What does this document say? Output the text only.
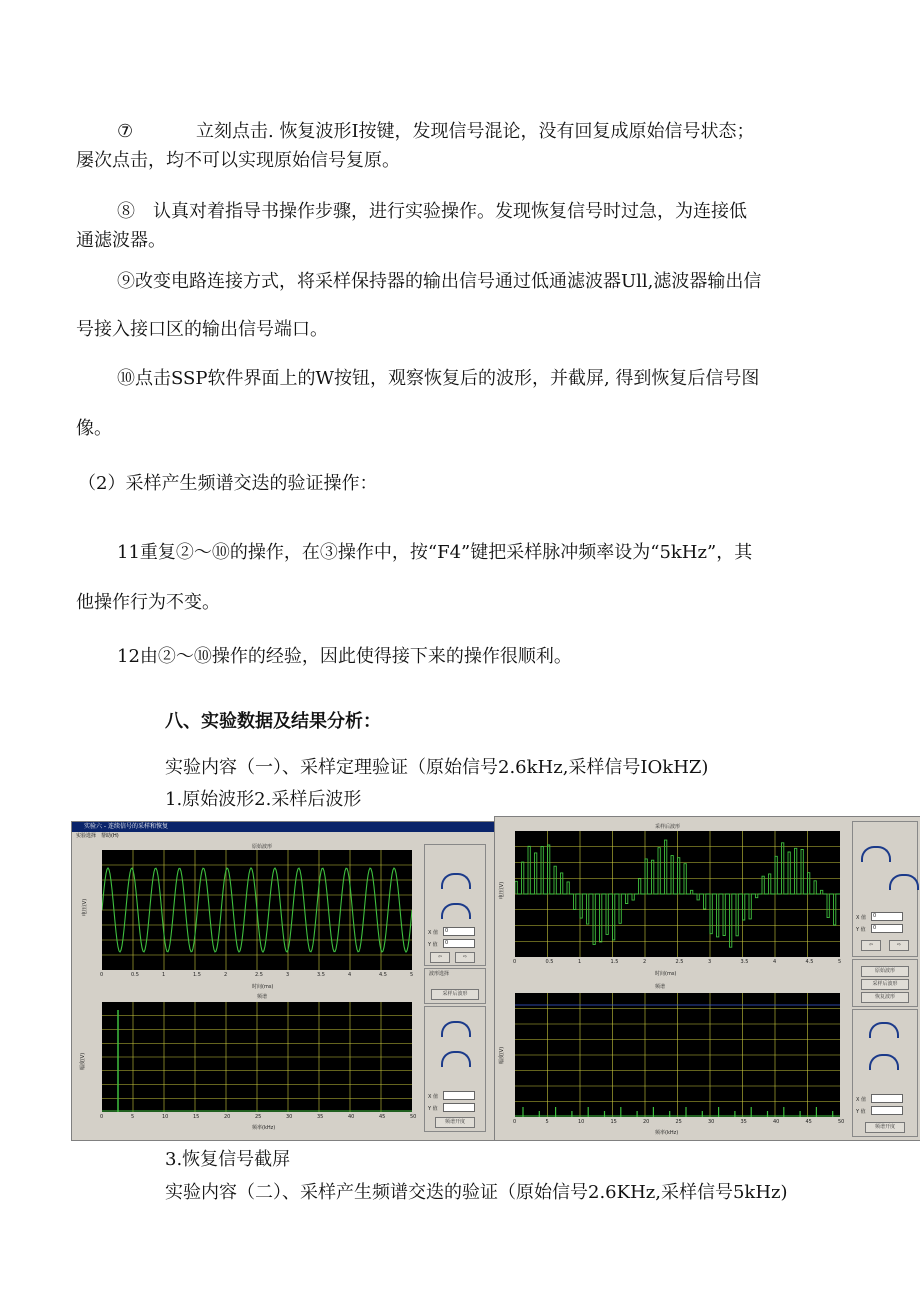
⑦	立刻点击. 恢复波形I按键，发现信号混论，没有回复成原始信号状态；
屡次点击，均不可以实现原始信号复原。
⑧　认真对着指导书操作步骤，进行实验操作。发现恢复信号时过急，为连接低
通滤波器。
⑨改变电路连接方式，将采样保持器的输出信号通过低通滤波器Ull,滤波器输出信
号接入接口区的输出信号端口。
⑩点击SSP软件界面上的W按钮，观察恢复后的波形，并截屏, 得到恢复后信号图
像。
（2）采样产生频谱交迭的验证操作：
11重复②～⑩的操作，在③操作中，按“F4”键把采样脉冲频率设为“5kHz”，其
他操作行为不变。
12由②～⑩操作的经验，因此使得接下来的操作很顺利。
八、实验数据及结果分析：
实验内容（一）、采样定理验证（原始信号2.6kHz,采样信号IOkHZ)
1.原始波形2.采样后波形
实验六 - 连续信号的采样和恢复
实验选择　帮助(H)
原始波形
时间(ms)
电压(V)
0	0.5	1	1.5	2	2.5	3	3.5	4	4.5	5
频谱
频率(kHz)
幅度(V)
0	5	10	15	20	25	30	35	40	45	50
X 值 0
Y 值 0
⇦	⇨
波形选择
采样后波形
X 值
Y 值
频谱开度
采样后波形
时间(ms)
电压(V)
0	0.5	1	1.5	2	2.5	3	3.5	4	4.5	5
频谱
频率(kHz)
幅度(V)
0	5	10	15	20	25	30	35	40	45	50
X 值 0
Y 值 0
⇦	⇨
原始波形
采样后波形
恢复波形
X 值
Y 值
频谱开度
3.恢复信号截屏
实验内容（二）、采样产生频谱交迭的验证（原始信号2.6KHz,采样信号5kHz)
